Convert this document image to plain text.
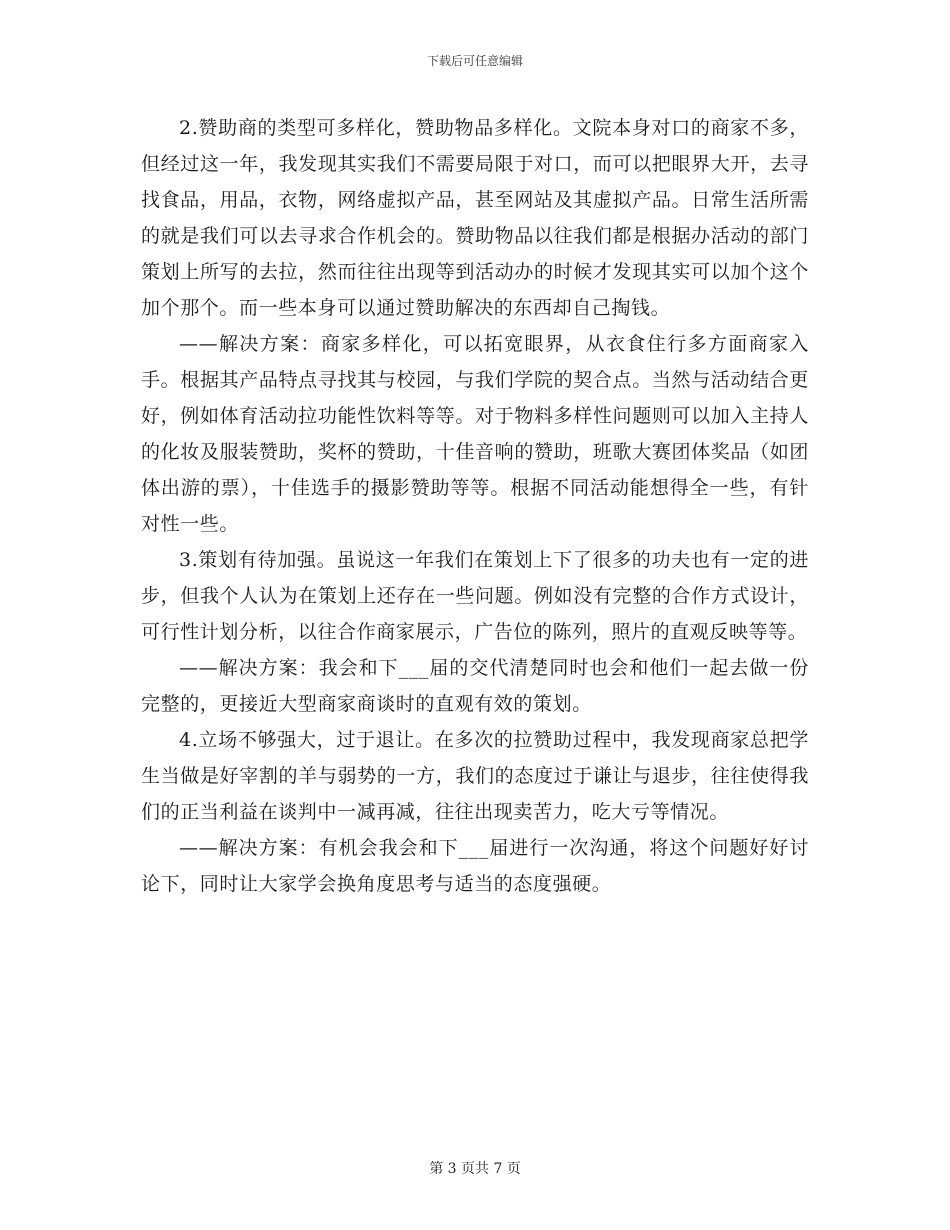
下载后可任意编辑

2.赞助商的类型可多样化，赞助物品多样化。文院本身对口的商家不多，但经过这一年，我发现其实我们不需要局限于对口，而可以把眼界大开，去寻找食品，用品，衣物，网络虚拟产品，甚至网站及其虚拟产品。日常生活所需的就是我们可以去寻求合作机会的。赞助物品以往我们都是根据办活动的部门策划上所写的去拉，然而往往出现等到活动办的时候才发现其实可以加个这个加个那个。而一些本身可以通过赞助解决的东西却自己掏钱。

——解决方案：商家多样化，可以拓宽眼界，从衣食住行多方面商家入手。根据其产品特点寻找其与校园，与我们学院的契合点。当然与活动结合更好，例如体育活动拉功能性饮料等等。对于物料多样性问题则可以加入主持人的化妆及服装赞助，奖杯的赞助，十佳音响的赞助，班歌大赛团体奖品（如团体出游的票），十佳选手的摄影赞助等等。根据不同活动能想得全一些，有针对性一些。

3.策划有待加强。虽说这一年我们在策划上下了很多的功夫也有一定的进步，但我个人认为在策划上还存在一些问题。例如没有完整的合作方式设计，可行性计划分析，以往合作商家展示，广告位的陈列，照片的直观反映等等。

——解决方案：我会和下___届的交代清楚同时也会和他们一起去做一份完整的，更接近大型商家商谈时的直观有效的策划。

4.立场不够强大，过于退让。在多次的拉赞助过程中，我发现商家总把学生当做是好宰割的羊与弱势的一方，我们的态度过于谦让与退步，往往使得我们的正当利益在谈判中一减再减，往往出现卖苦力，吃大亏等情况。

——解决方案：有机会我会和下___届进行一次沟通，将这个问题好好讨论下，同时让大家学会换角度思考与适当的态度强硬。

第 3 页共 7 页
